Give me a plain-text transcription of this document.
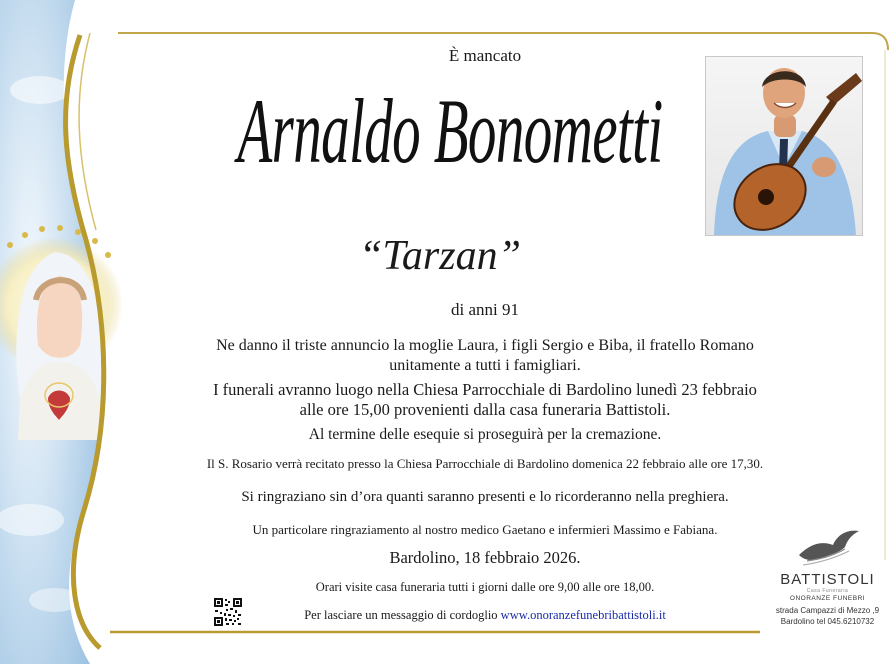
È mancato
Arnaldo Bonometti
“Tarzan”
di anni 91
Ne danno il triste annuncio la moglie Laura, i figli Sergio e Biba, il fratello Romano
unitamente a tutti i famigliari.
I funerali avranno luogo nella Chiesa Parrocchiale di Bardolino lunedì 23 febbraio
alle ore 15,00 provenienti dalla casa funeraria Battistoli.
Al termine delle esequie si proseguirà per la cremazione.
Il S. Rosario verrà recitato presso la Chiesa Parrocchiale di Bardolino domenica 22 febbraio alle ore 17,30.
Si ringraziano sin d’ora quanti saranno presenti e lo ricorderanno nella preghiera.
Un particolare ringraziamento al nostro medico Gaetano e infermieri Massimo e Fabiana.
Bardolino, 18 febbraio 2026.
Orari visite casa funeraria tutti i giorni dalle ore 9,00 alle ore 18,00.
Per lasciare un messaggio di cordoglio www.onoranzefunebribattistoli.it
BATTISTOLI
Casa Funeraria
ONORANZE FUNEBRI
strada Campazzi di Mezzo ,9
Bardolino tel 045.6210732
